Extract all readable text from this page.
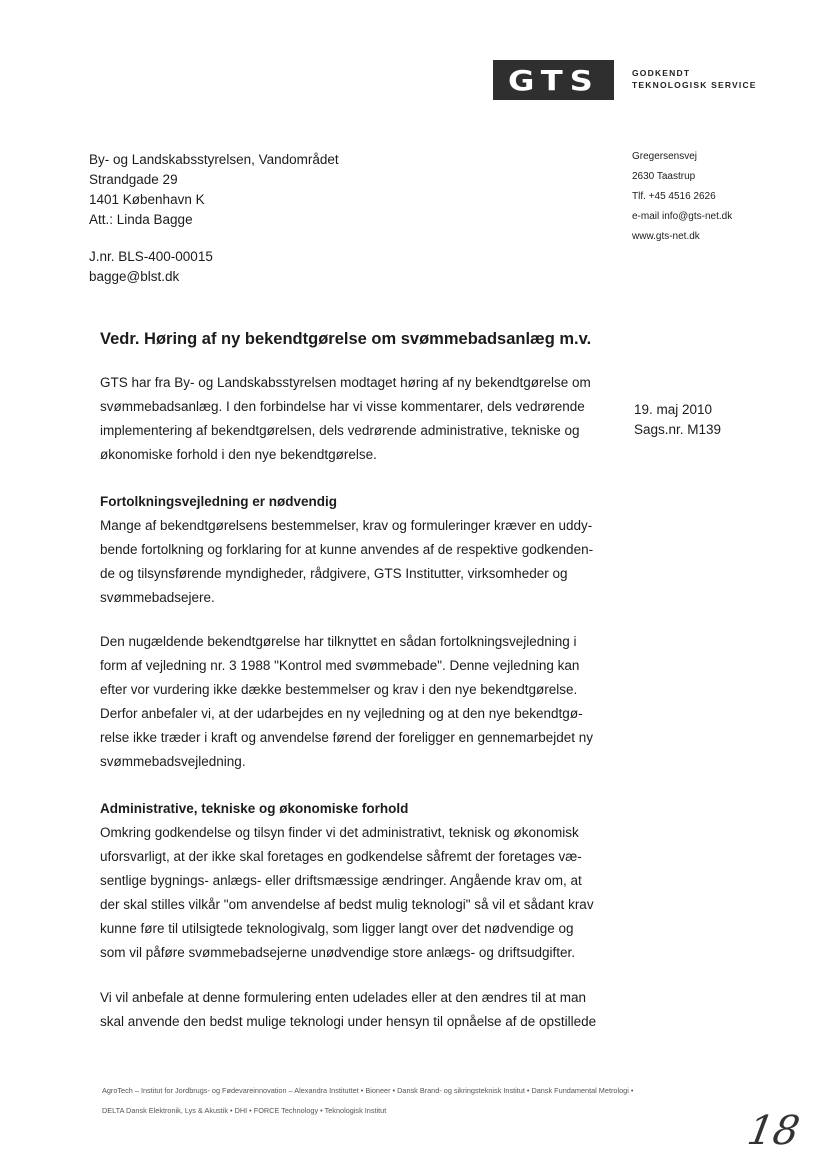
GTS	GODKENDT
TEKNOLOGISK SERVICE
By- og Landskabsstyrelsen, Vandområdet
Strandgade 29
1401 København K
Att.: Linda Bagge
J.nr. BLS-400-00015
bagge@blst.dk
Gregersensvej
2630 Taastrup
Tlf. +45 4516 2626
e-mail info@gts-net.dk
www.gts-net.dk
Vedr. Høring af ny bekendtgørelse om svømmebadsanlæg m.v.
19. maj 2010
Sags.nr. M139
GTS har fra By- og Landskabsstyrelsen modtaget høring af ny bekendtgørelse om
svømmebadsanlæg. I den forbindelse har vi visse kommentarer, dels vedrørende
implementering af bekendtgørelsen, dels vedrørende administrative, tekniske og
økonomiske forhold i den nye bekendtgørelse.
Fortolkningsvejledning er nødvendig
Mange af bekendtgørelsens bestemmelser, krav og formuleringer kræver en uddy-
bende fortolkning og forklaring for at kunne anvendes af de respektive godkenden-
de og tilsynsførende myndigheder, rådgivere, GTS Institutter, virksomheder og
svømmebadsejere.
Den nugældende bekendtgørelse har tilknyttet en sådan fortolkningsvejledning i
form af vejledning nr. 3 1988 "Kontrol med svømmebade". Denne vejledning kan
efter vor vurdering ikke dække bestemmelser og krav i den nye bekendtgørelse.
Derfor anbefaler vi, at der udarbejdes en ny vejledning og at den nye bekendtgø-
relse ikke træder i kraft og anvendelse førend der foreligger en gennemarbejdet ny
svømmebadsvejledning.
Administrative, tekniske og økonomiske forhold
Omkring godkendelse og tilsyn finder vi det administrativt, teknisk og økonomisk
uforsvarligt, at der ikke skal foretages en godkendelse såfremt der foretages væ-
sentlige bygnings- anlægs- eller driftsmæssige ændringer. Angående krav om, at
der skal stilles vilkår "om anvendelse af bedst mulig teknologi" så vil et sådant krav
kunne føre til utilsigtede teknologivalg, som ligger langt over det nødvendige og
som vil påføre svømmebadsejerne unødvendige store anlægs- og driftsudgifter.
Vi vil anbefale at denne formulering enten udelades eller at den ændres til at man
skal anvende den bedst mulige teknologi under hensyn til opnåelse af de opstillede
AgroTech – Institut for Jordbrugs- og Fødevareinnovation – Alexandra Instituttet • Bioneer • Dansk Brand- og sikringsteknisk Institut • Dansk Fundamental Metrologi •
DELTA Dansk Elektronik, Lys & Akustik • DHI • FORCE Technology • Teknologisk Institut	18
